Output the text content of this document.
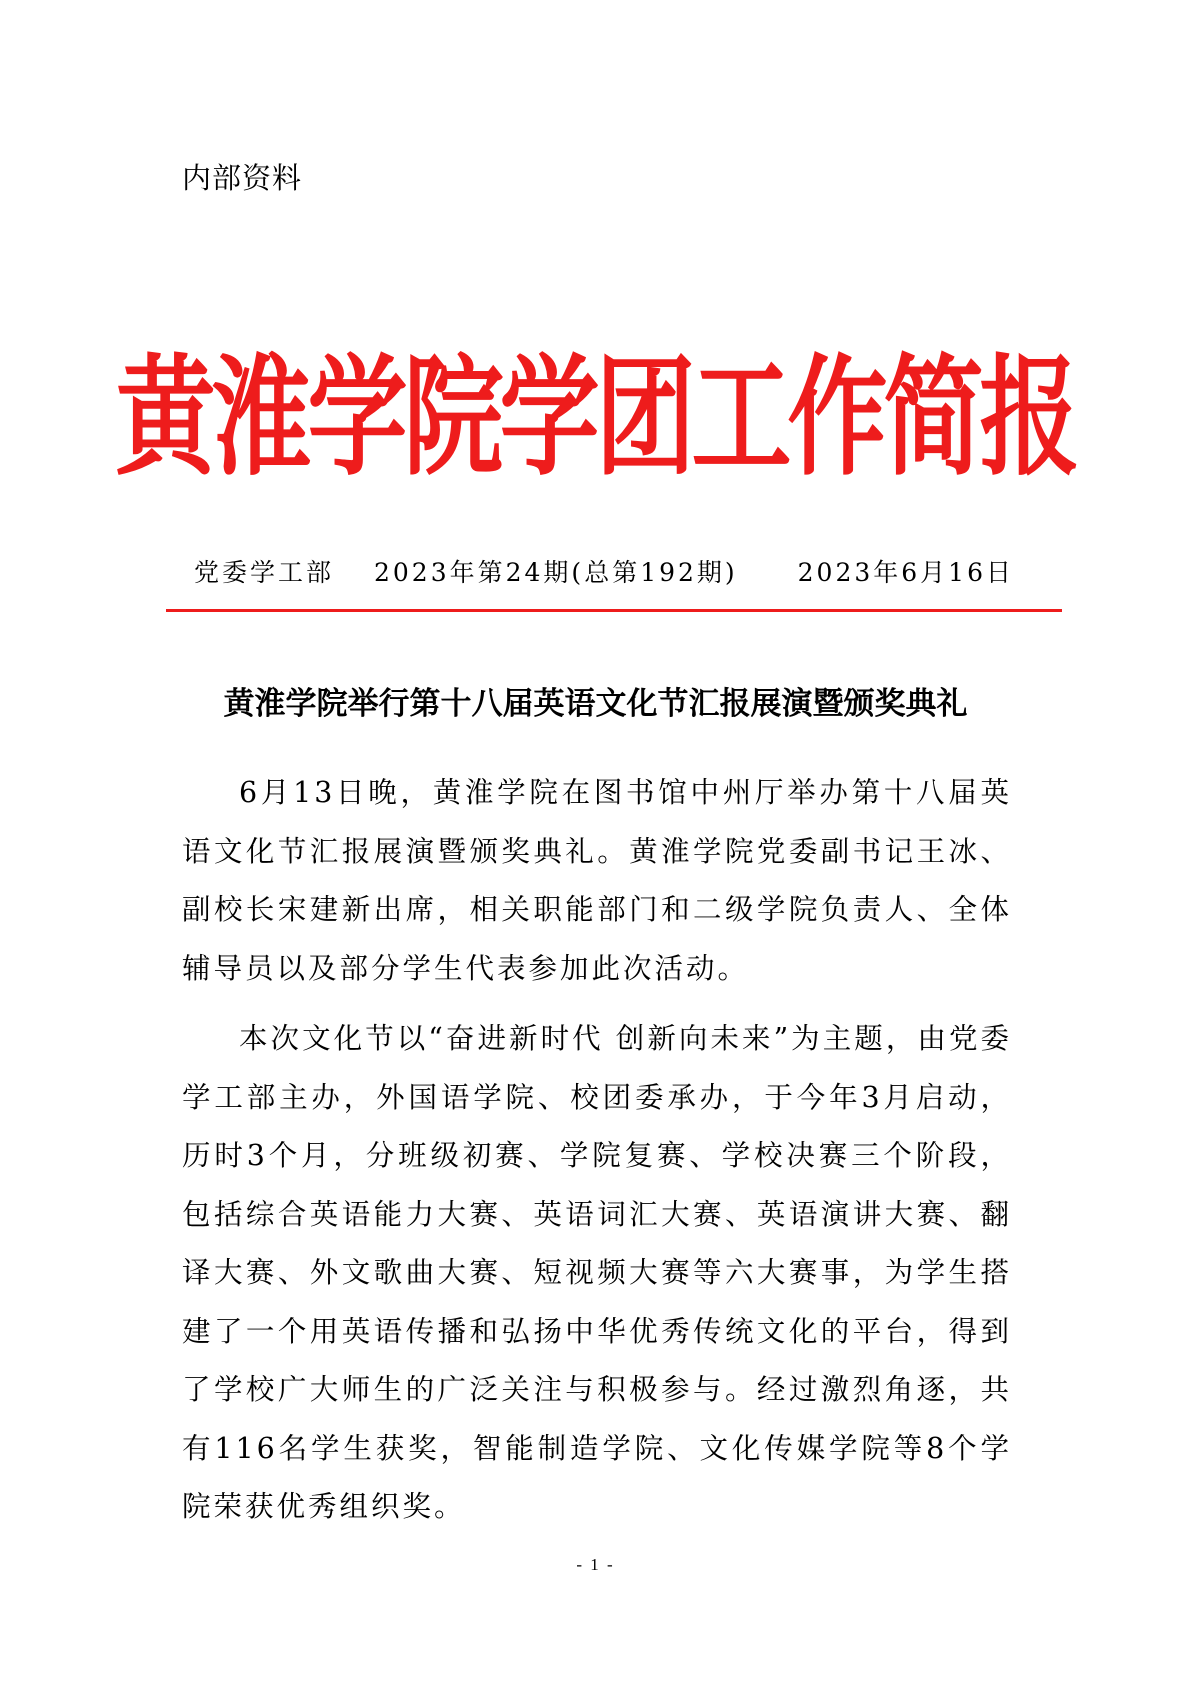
内部资料
黄淮学院学团工作简报
党委学工部 2023年第24期(总第192期) 2023年6月16日
黄淮学院举行第十八届英语文化节汇报展演暨颁奖典礼

6月13日晚，黄淮学院在图书馆中州厅举办第十八届英语文化节汇报展演暨颁奖典礼。黄淮学院党委副书记王冰、副校长宋建新出席，相关职能部门和二级学院负责人、全体辅导员以及部分学生代表参加此次活动。

本次文化节以“奋进新时代 创新向未来”为主题，由党委学工部主办，外国语学院、校团委承办，于今年3月启动，历时3个月，分班级初赛、学院复赛、学校决赛三个阶段，包括综合英语能力大赛、英语词汇大赛、英语演讲大赛、翻译大赛、外文歌曲大赛、短视频大赛等六大赛事，为学生搭建了一个用英语传播和弘扬中华优秀传统文化的平台，得到了学校广大师生的广泛关注与积极参与。经过激烈角逐，共有116名学生获奖，智能制造学院、文化传媒学院等8个学院荣获优秀组织奖。

- 1 -
